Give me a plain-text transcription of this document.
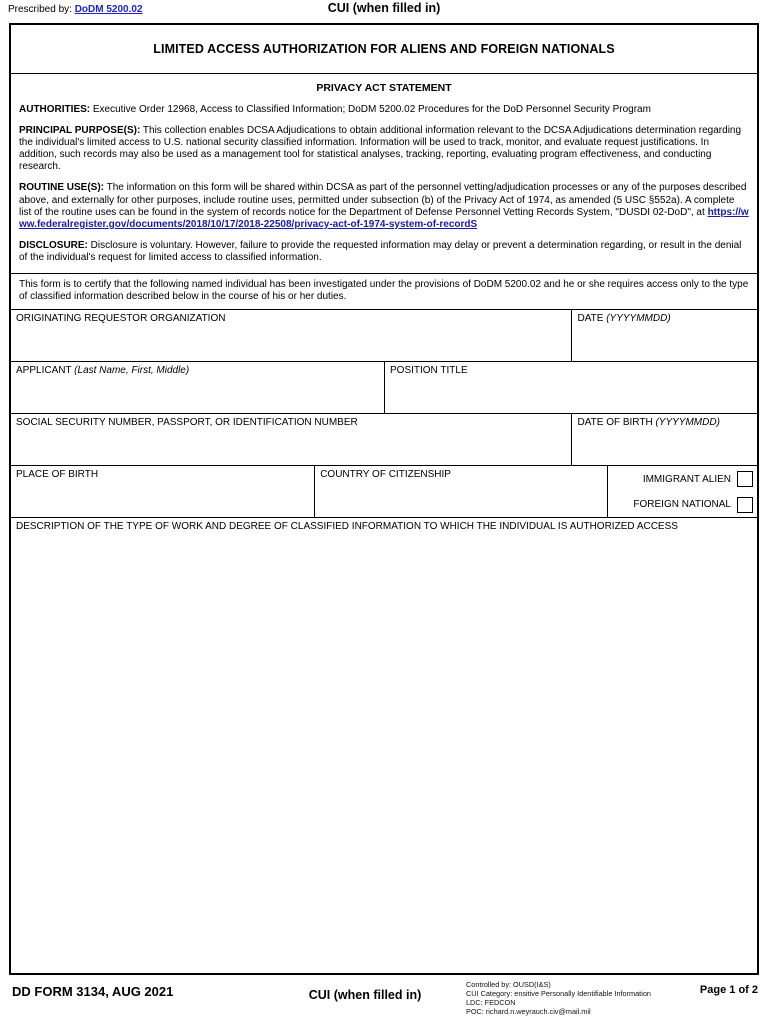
CUI (when filled in)
Prescribed by: DoDM 5200.02
LIMITED ACCESS AUTHORIZATION FOR ALIENS AND FOREIGN NATIONALS
PRIVACY ACT STATEMENT

AUTHORITIES: Executive Order 12968, Access to Classified Information; DoDM 5200.02 Procedures for the DoD Personnel Security Program

PRINCIPAL PURPOSE(S): This collection enables DCSA Adjudications to obtain additional information relevant to the DCSA Adjudications determination regarding the individual's limited access to U.S. national security classified information. Information will be used to track, monitor, and evaluate request justifications. In addition, such records may also be used as a management tool for statistical analyses, tracking, reporting, evaluating program effectiveness, and conducting research.

ROUTINE USE(S): The information on this form will be shared within DCSA as part of the personnel vetting/adjudication processes or any of the purposes described above, and externally for other purposes, include routine uses, permitted under subsection (b) of the Privacy Act of 1974, as amended (5 USC §552a). A complete list of the routine uses can be found in the system of records notice for the Department of Defense Personnel Vetting Records System, "DUSDI 02-DoD", at https://www.federalregister.gov/documents/2018/10/17/2018-22508/privacy-act-of-1974-system-of-recordS

DISCLOSURE: Disclosure is voluntary. However, failure to provide the requested information may delay or prevent a determination regarding, or result in the denial of the individual's request for limited access to classified information.

This form is to certify that the following named individual has been investigated under the provisions of DoDM 5200.02 and he or she requires access only to the type of classified information described below in the course of his or her duties.

ORIGINATING REQUESTOR ORGANIZATION	DATE (YYYYMMDD)
APPLICANT (Last Name, First, Middle)	POSITION TITLE
SOCIAL SECURITY NUMBER, PASSPORT, OR IDENTIFICATION NUMBER	DATE OF BIRTH (YYYYMMDD)
PLACE OF BIRTH	COUNTRY OF CITIZENSHIP	IMMIGRANT ALIEN
FOREIGN NATIONAL
DESCRIPTION OF THE TYPE OF WORK AND DEGREE OF CLASSIFIED INFORMATION TO WHICH THE INDIVIDUAL IS AUTHORIZED ACCESS
DD FORM 3134, AUG 2021	CUI (when filled in)
Controlled by: OUSD(I&S)
CUI Category: ensitive Personally Identifiable Information
LDC: FEDCON
POC: richard.n.weyrauch.civ@mail.mil
Page 1 of 2
